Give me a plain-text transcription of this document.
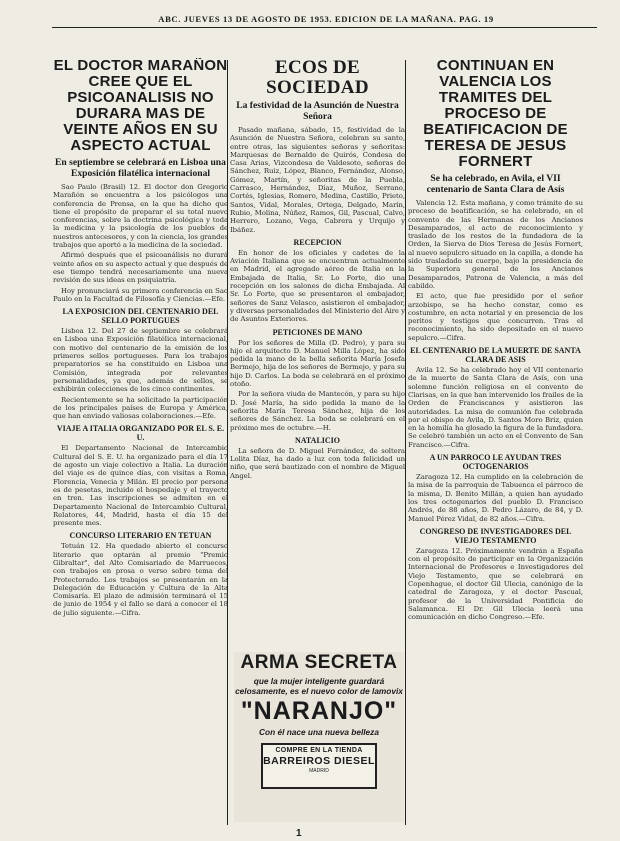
ABC. JUEVES 13 DE AGOSTO DE 1953. EDICION DE LA MAÑANA. PAG. 19
EL DOCTOR MARAÑON CREE QUE EL PSICOANALISIS NO DURARA MAS DE VEINTE AÑOS EN SU ASPECTO ACTUAL
En septiembre se celebrará en Lisboa una Exposición filatélica internacional

Sao Paulo (Brasil) 12. El doctor don Gregorio Marañón se encuentra a los psicólogos una conferencia de Prensa, en la que ha dicho que tiene el propósito de preparar el su total nuevo conferencias, sobre la doctrina psicológica y toda la medicina y la psicología de los pueblos de nuestros antecesores, y con la ciencia, los grandes trabajos que aportó a la medicina de la sociedad.

Afirmó después que el psicoanálisis no durará veinte años en su aspecto actual y que después de ese tiempo tendrá necesariamente una nueva revisión de sus ideas en psiquiatría.

Hoy pronunciará su primera conferencia en Sao Paulo en la Facultad de Filosofía y Ciencias.—Efe.

LA EXPOSICION DEL CENTENARIO DEL SELLO PORTUGUES

Lisboa 12. Del 27 de septiembre se celebrará en Lisboa una Exposición filatélica internacional, con motivo del centenario de la emisión de los primeros sellos portugueses. Para los trabajos preparatorios se ha constituido en Lisboa una Comisión, integrada por relevantes personalidades, ya que, además de sellos, se exhibirán colecciones de los cinco continentes.

Recientemente se ha solicitado la participación de los principales países de Europa y América, que han enviado valiosas colaboraciones.—Efe.

VIAJE A ITALIA ORGANIZADO POR EL S. E. U.

El Departamento Nacional de Intercambio Cultural del S. E. U. ha organizado para el día 17 de agosto un viaje colectivo a Italia. La duración del viaje es de quince días, con visitas a Roma, Florencia, Venecia y Milán. El precio por persona es de pesetas, incluido el hospedaje y el trayecto en tren. Las inscripciones se admiten en el Departamento Nacional de Intercambio Cultural, Relatores, 44, Madrid, hasta el día 15 del presente mes.

CONCURSO LITERARIO EN TETUAN

Tetuán 12. Ha quedado abierto el concurso literario que optarán al premio "Premio Gibraltar", del Alto Comisariado de Marruecos, con trabajos en prosa o verso sobre tema del Protectorado. Los trabajos se presentarán en la Delegación de Educación y Cultura de la Alta Comisaría. El plazo de admisión terminará el 15 de junio de 1954 y el fallo se dará a conocer el 18 de julio siguiente.—Cifra.

ECOS DE SOCIEDAD
La festividad de la Asunción de Nuestra Señora

Pasado mañana, sábado, 15, festividad de la Asunción de Nuestra Señora, celebran su santo, entre otras, las siguientes señoras y señoritas: Marquesas de Bernaldo de Quirós, Condesa de Casa Arias, Vizcondesa de Valdesoto, señoras de Sánchez, Ruiz, López, Blanco, Fernández, Alonso, Gómez, Martín, y señoritas de la Puebla, Carrasco, Hernández, Díaz, Muñoz, Serrano, Cortés, Iglesias, Romero, Medina, Castillo, Prieto, Santos, Vidal, Morales, Ortega, Delgado, Marín, Rubio, Molina, Núñez, Ramos, Gil, Pascual, Calvo, Herrero, Lozano, Vega, Cabrera y Urquijo y Ibáñez.

RECEPCION

En honor de los oficiales y cadetes de la Aviación Italiana que se encuentran actualmente en Madrid, el agregado aéreo de Italia en la Embajada de Italia, Sr. Lo Forte, dio una recepción en los salones de dicha Embajada. Al Sr. Lo Forte, que se presentaron el embajador, señores de Sanz Velasco, asistieron el embajador, y diversas personalidades del Ministerio del Aire y de Asuntos Exteriores.

PETICIONES DE MANO

Por los señores de Milla (D. Pedro), y para su hijo el arquitecto D. Manuel Milla López, ha sido pedida la mano de la bella señorita María Josefa Bermejo, hija de los señores de Bermejo, y para su hijo D. Carlos. La boda se celebrará en el próximo otoño.

Por la señora viuda de Mantecón, y para su hijo D. José María, ha sido pedida la mano de la señorita María Teresa Sánchez, hija de los señores de Sánchez. La boda se celebrará en el próximo mes de octubre.—H.

NATALICIO

La señora de D. Miguel Fernández, de soltera Lolita Díaz, ha dado a luz con toda felicidad un niño, que será bautizado con el nombre de Miguel Angel.

ARMA SECRETA
que la mujer inteligente guardará celosamente, es el nuevo color de lamovix
"NARANJO"
Con él nace una nueva belleza
COMPRE EN LA TIENDA
BARREIROS DIESEL
MADRID
CONTINUAN EN VALENCIA LOS TRAMITES DEL PROCESO DE BEATIFICACION DE TERESA DE JESUS FORNERT
Se ha celebrado, en Avila, el VII centenario de Santa Clara de Asís

Valencia 12. Esta mañana, y como trámite de su proceso de beatificación, se ha celebrado, en el convento de las Hermanas de los Ancianos Desamparados, el acto de reconocimiento y traslado de los restos de la fundadora de la Orden, la Sierva de Dios Teresa de Jesús Fornert, al nuevo sepulcro situado en la capilla, a donde ha sido trasladado su cuerpo, bajo la presidencia de la Superiora general de los Ancianos Desamparados, Patrona de Valencia, a más del cabildo.

El acto, que fue presidido por el señor arzobispo, se ha hecho constar, como es costumbre, en acta notarial y en presencia de los peritos y testigos que concurren. Tras el reconocimiento, ha sido depositado en el nuevo sepulcro.—Cifra.

EL CENTENARIO DE LA MUERTE DE SANTA CLARA DE ASIS

Avila 12. Se ha celebrado hoy el VII centenario de la muerte de Santa Clara de Asís, con una solemne función religiosa en el convento de Clarisas, en la que han intervenido los frailes de la Orden de Franciscanos y asistieron las autoridades. La misa de comunión fue celebrada por el obispo de Avila, D. Santos Moro Briz, quien en la homilía ha glosado la figura de la fundadora. Se celebró también un acto en el Convento de San Francisco.—Cifra.

A UN PARROCO LE AYUDAN TRES OCTOGENARIOS

Zaragoza 12. Ha cumplido en la celebración de la misa de la parroquia de Tabuenca el párroco de la misma, D. Benito Millán, a quien han ayudado los tres octogenarios del pueblo D. Francisco Andrés, de 88 años, D. Pedro Lázaro, de 84, y D. Manuel Pérez Vidal, de 82 años.—Cifra.

CONGRESO DE INVESTIGADORES DEL VIEJO TESTAMENTO

Zaragoza 12. Próximamente vendrán a España con el propósito de participar en la Organización Internacional de Profesores e Investigadores del Viejo Testamento, que se celebrará en Copenhague, el doctor Gil Ulecia, canónigo de la catedral de Zaragoza, y el doctor Pascual, profesor de la Universidad Pontificia de Salamanca. El Dr. Gil Ulecia leerá una comunicación en dicho Congreso.—Efe.

1
